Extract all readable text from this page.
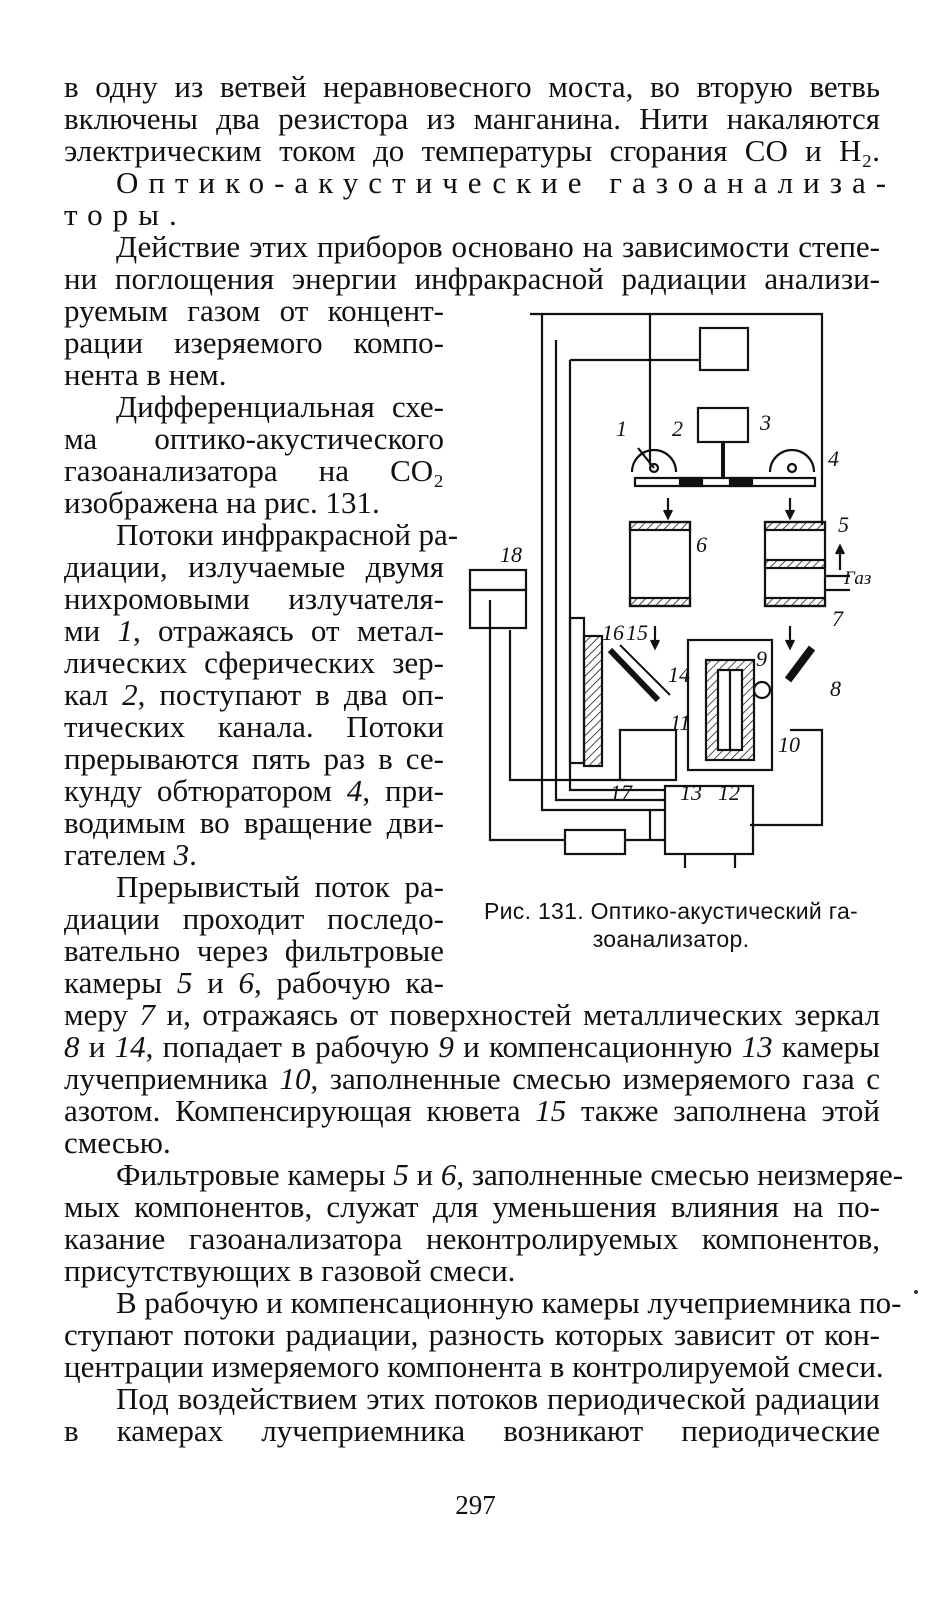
в одну из ветвей неравновесного моста, во вторую ветвь
включены два резистора из манганина. Нити накаляются
электрическим током до температуры сгорания CO и H₂.
Оптико-акустические газоанализа-
торы.
Действие этих приборов основано на зависимости степе-
ни поглощения энергии инфракрасной радиации анализи-
руемым газом от концент-
рации изеряемого компо-
нента в нем.
Дифференциальная схе-
ма оптико-акустического
газоанализатора на CO₂
изображена на рис. 131.
Потоки инфракрасной ра-
диации, излучаемые двумя
нихромовыми излучателя-
ми 1, отражаясь от метал-
лических сферических зер-
кал 2, поступают в два оп-
тических канала. Потоки
прерываются пять раз в се-
кунду обтюратором 4, при-
водимым во вращение дви-
гателем 3.
Прерывистый поток ра-
диации проходит последо-
вательно через фильтровые
камеры 5 и 6, рабочую ка-
меру 7 и, отражаясь от поверхностей металлических зеркал
8 и 14, попадает в рабочую 9 и компенсационную 13 камеры
лучеприемника 10, заполненные смесью измеряемого газа с
азотом. Компенсирующая кювета 15 также заполнена этой
смесью.
Фильтровые камеры 5 и 6, заполненные смесью неизмеряе-
мых компонентов, служат для уменьшения влияния на по-
казание газоанализатора неконтролируемых компонентов,
присутствующих в газовой смеси.
В рабочую и компенсационную камеры лучеприемника по-
ступают потоки радиации, разность которых зависит от кон-
центрации измеряемого компонента в контролируемой смеси.
Под воздействием этих потоков периодической радиации
в камерах лучеприемника возникают периодические
1 2	3
4
5
6
7
8
9
10
11
12
13
14
15
16
17
18
Газ
Рис. 131. Оптико-акустический га-
зоанализатор.
297
